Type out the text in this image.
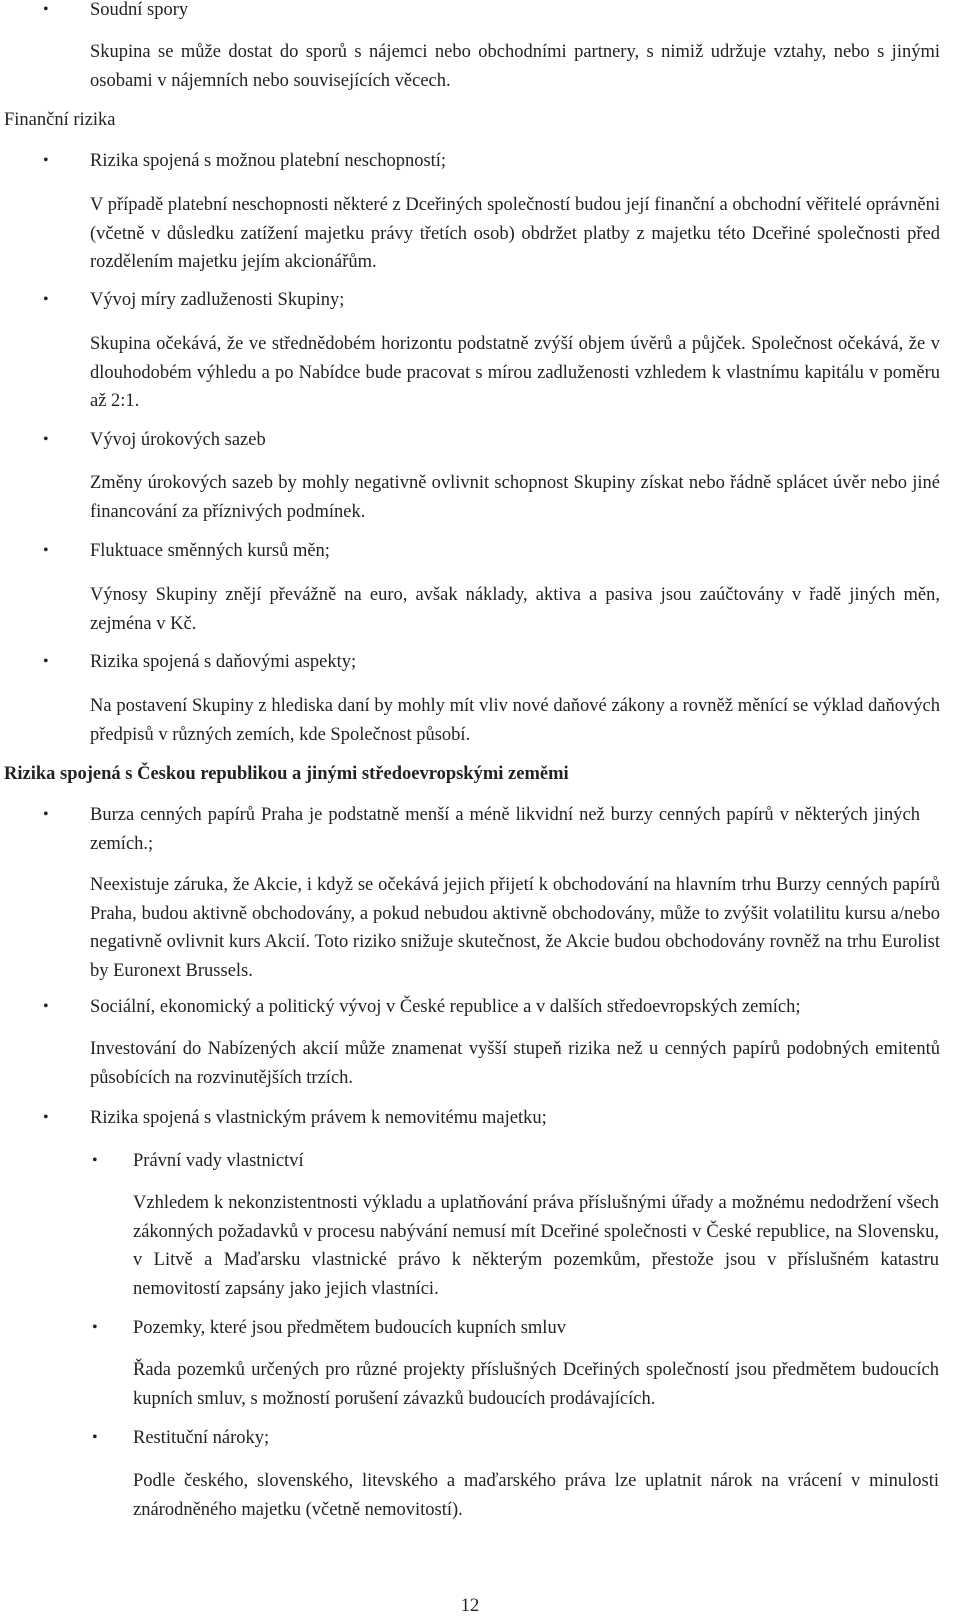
• Soudní spory
Skupina se může dostat do sporů s nájemci nebo obchodními partnery, s nimiž udržuje vztahy, nebo s jinými osobami v nájemních nebo souvisejících věcech.
Finanční rizika
• Rizika spojená s možnou platební neschopností;
V případě platební neschopnosti některé z Dceřiných společností budou její finanční a obchodní věřitelé oprávněni (včetně v důsledku zatížení majetku právy třetích osob) obdržet platby z majetku této Dceřiné společnosti před rozdělením majetku jejím akcionářům.
• Vývoj míry zadluženosti Skupiny;
Skupina očekává, že ve střednědobém horizontu podstatně zvýší objem úvěrů a půjček. Společnost očekává, že v dlouhodobém výhledu a po Nabídce bude pracovat s mírou zadluženosti vzhledem k vlastnímu kapitálu v poměru až 2:1.
• Vývoj úrokových sazeb
Změny úrokových sazeb by mohly negativně ovlivnit schopnost Skupiny získat nebo řádně splácet úvěr nebo jiné financování za příznivých podmínek.
• Fluktuace směnných kursů měn;
Výnosy Skupiny znějí převážně na euro, avšak náklady, aktiva a pasiva jsou zaúčtovány v řadě jiných měn, zejména v Kč.
• Rizika spojená s daňovými aspekty;
Na postavení Skupiny z hlediska daní by mohly mít vliv nové daňové zákony a rovněž měnící se výklad daňových předpisů v různých zemích, kde Společnost působí.
Rizika spojená s Českou republikou a jinými středoevropskými zeměmi
• Burza cenných papírů Praha je podstatně menší a méně likvidní než burzy cenných papírů v některých jiných zemích.;
Neexistuje záruka, že Akcie, i když se očekává jejich přijetí k obchodování na hlavním trhu Burzy cenných papírů Praha, budou aktivně obchodovány, a pokud nebudou aktivně obchodovány, může to zvýšit volatilitu kursu a/nebo negativně ovlivnit kurs Akcií. Toto riziko snižuje skutečnost, že Akcie budou obchodovány rovněž na trhu Eurolist by Euronext Brussels.
• Sociální, ekonomický a politický vývoj v České republice a v dalších středoevropských zemích;
Investování do Nabízených akcií může znamenat vyšší stupeň rizika než u cenných papírů podobných emitentů působících na rozvinutějších trzích.
• Rizika spojená s vlastnickým právem k nemovitému majetku;
• Právní vady vlastnictví
Vzhledem k nekonzistentnosti výkladu a uplatňování práva příslušnými úřady a možnému nedodržení všech zákonných požadavků v procesu nabývání nemusí mít Dceřiné společnosti v České republice, na Slovensku, v Litvě a Maďarsku vlastnické právo k některým pozemkům, přestože jsou v příslušném katastru nemovitostí zapsány jako jejich vlastníci.
• Pozemky, které jsou předmětem budoucích kupních smluv
Řada pozemků určených pro různé projekty příslušných Dceřiných společností jsou předmětem budoucích kupních smluv, s možností porušení závazků budoucích prodávajících.
• Restituční nároky;
Podle českého, slovenského, litevského a maďarského práva lze uplatnit nárok na vrácení v minulosti znárodněného majetku (včetně nemovitostí).
12
